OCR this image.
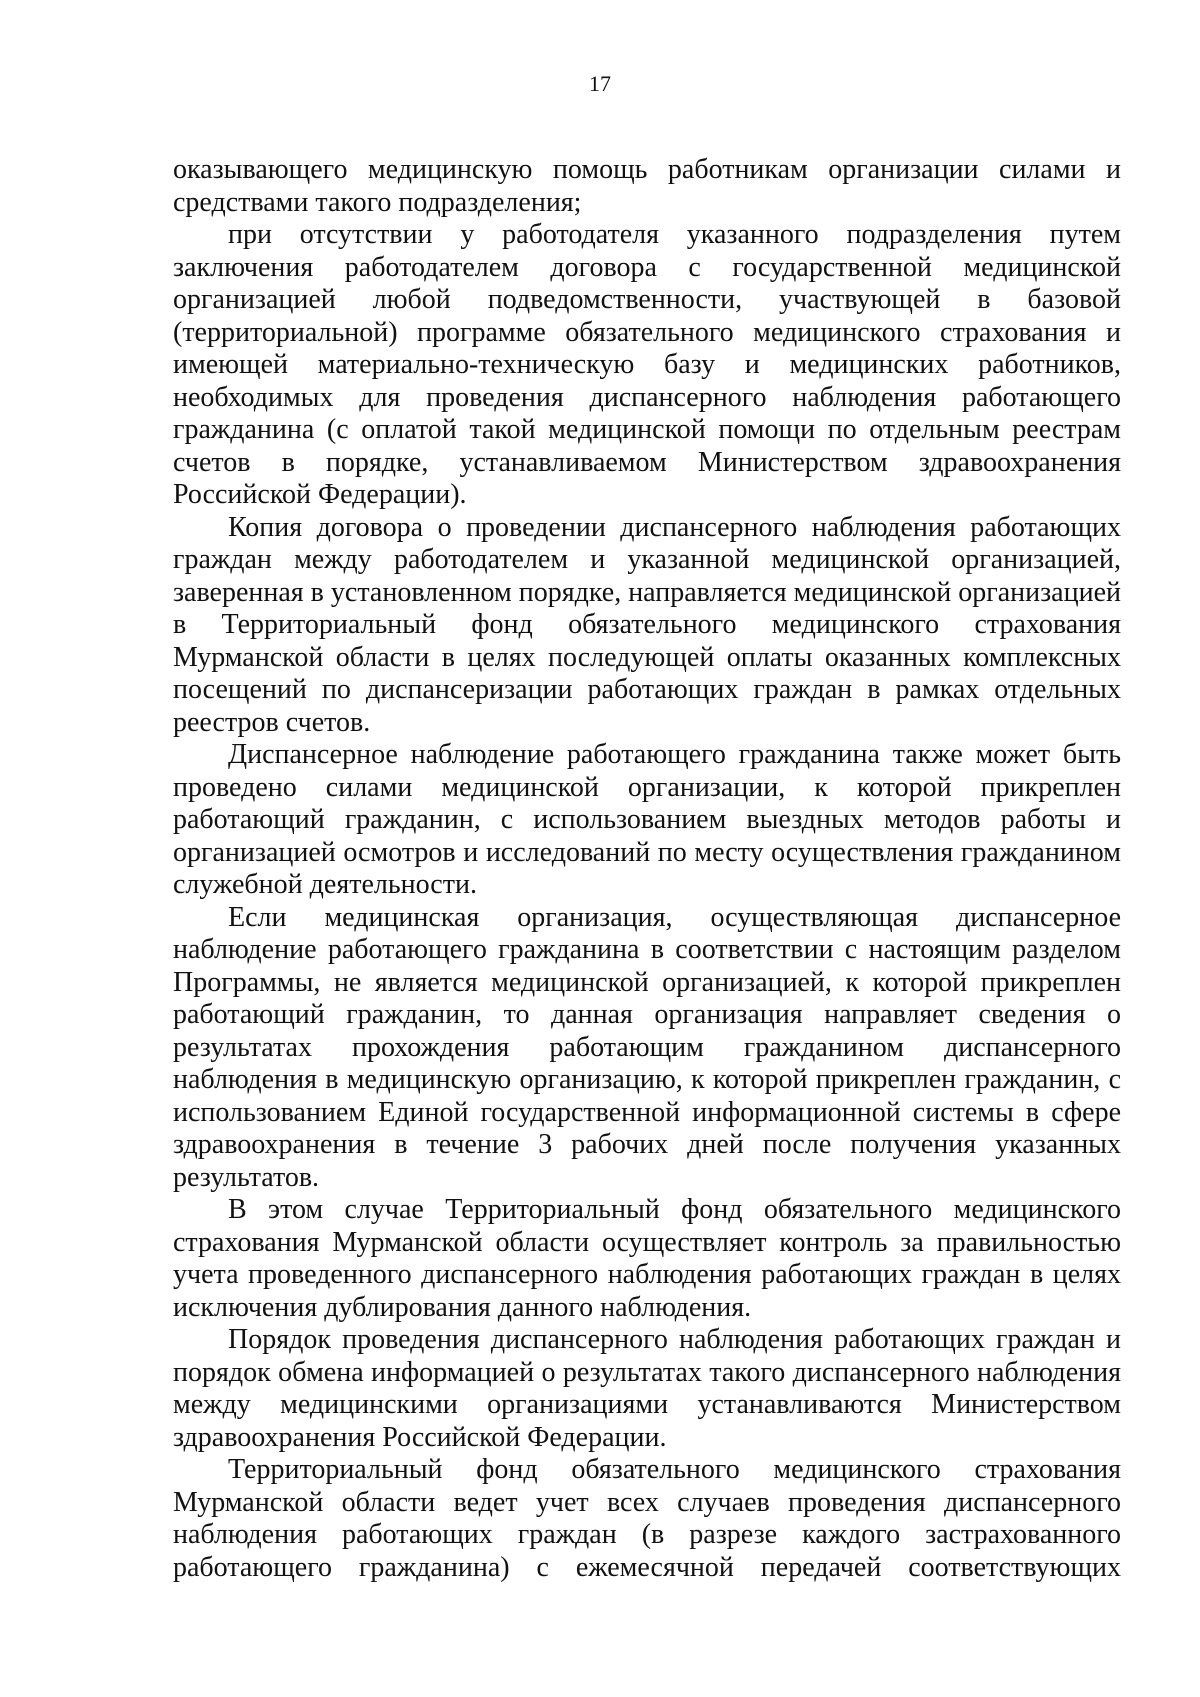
17

оказывающего медицинскую помощь работникам организации силами и средствами такого подразделения;

при отсутствии у работодателя указанного подразделения путем заключения работодателем договора с государственной медицинской организацией любой подведомственности, участвующей в базовой (территориальной) программе обязательного медицинского страхования и имеющей материально-техническую базу и медицинских работников, необходимых для проведения диспансерного наблюдения работающего гражданина (с оплатой такой медицинской помощи по отдельным реестрам счетов в порядке, устанавливаемом Министерством здравоохранения Российской Федерации).

Копия договора о проведении диспансерного наблюдения работающих граждан между работодателем и указанной медицинской организацией, заверенная в установленном порядке, направляется медицинской организацией в Территориальный фонд обязательного медицинского страхования Мурманской области в целях последующей оплаты оказанных комплексных посещений по диспансеризации работающих граждан в рамках отдельных реестров счетов.

Диспансерное наблюдение работающего гражданина также может быть проведено силами медицинской организации, к которой прикреплен работающий гражданин, с использованием выездных методов работы и организацией осмотров и исследований по месту осуществления гражданином служебной деятельности.

Если медицинская организация, осуществляющая диспансерное наблюдение работающего гражданина в соответствии с настоящим разделом Программы, не является медицинской организацией, к которой прикреплен работающий гражданин, то данная организация направляет сведения о результатах прохождения работающим гражданином диспансерного наблюдения в медицинскую организацию, к которой прикреплен гражданин, с использованием Единой государственной информационной системы в сфере здравоохранения в течение 3 рабочих дней после получения указанных результатов.

В этом случае Территориальный фонд обязательного медицинского страхования Мурманской области осуществляет контроль за правильностью учета проведенного диспансерного наблюдения работающих граждан в целях исключения дублирования данного наблюдения.

Порядок проведения диспансерного наблюдения работающих граждан и порядок обмена информацией о результатах такого диспансерного наблюдения между медицинскими организациями устанавливаются Министерством здравоохранения Российской Федерации.

Территориальный фонд обязательного медицинского страхования Мурманской области ведет учет всех случаев проведения диспансерного наблюдения работающих граждан (в разрезе каждого застрахованного работающего гражданина) с ежемесячной передачей соответствующих
